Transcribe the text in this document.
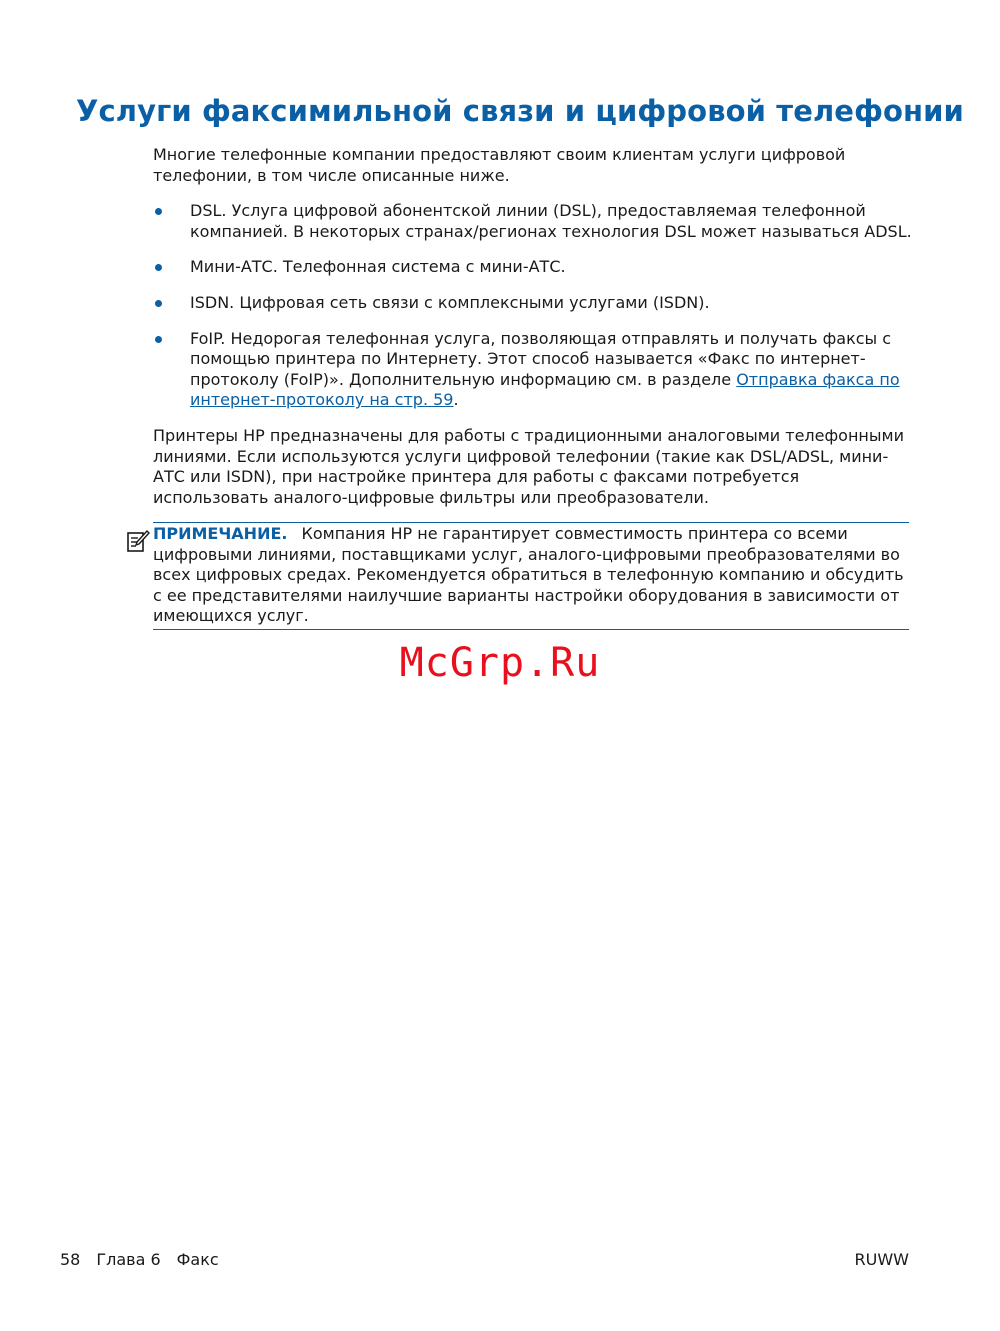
Услуги факсимильной связи и цифровой телефонии

Многие телефонные компании предоставляют своим клиентам услуги цифровой телефонии, в том числе описанные ниже.

DSL. Услуга цифровой абонентской линии (DSL), предоставляемая телефонной компанией. В некоторых странах/регионах технология DSL может называться ADSL.
Мини-АТС. Телефонная система с мини-АТС.
ISDN. Цифровая сеть связи с комплексными услугами (ISDN).
FoIP. Недорогая телефонная услуга, позволяющая отправлять и получать факсы с помощью принтера по Интернету. Этот способ называется «Факс по интернет-протоколу (FoIP)». Дополнительную информацию см. в разделе Отправка факса по интернет-протоколу на стр. 59.

Принтеры HP предназначены для работы с традиционными аналоговыми телефонными линиями. Если используются услуги цифровой телефонии (такие как DSL/ADSL, мини-АТС или ISDN), при настройке принтера для работы с факсами потребуется использовать аналого-цифровые фильтры или преобразователи.

ПРИМЕЧАНИЕ. Компания HP не гарантирует совместимость принтера со всеми цифровыми линиями, поставщиками услуг, аналого-цифровыми преобразователями во всех цифровых средах. Рекомендуется обратиться в телефонную компанию и обсудить с ее представителями наилучшие варианты настройки оборудования в зависимости от имеющихся услуг.
McGrp.Ru
58 Глава 6 Факс	RUWW
